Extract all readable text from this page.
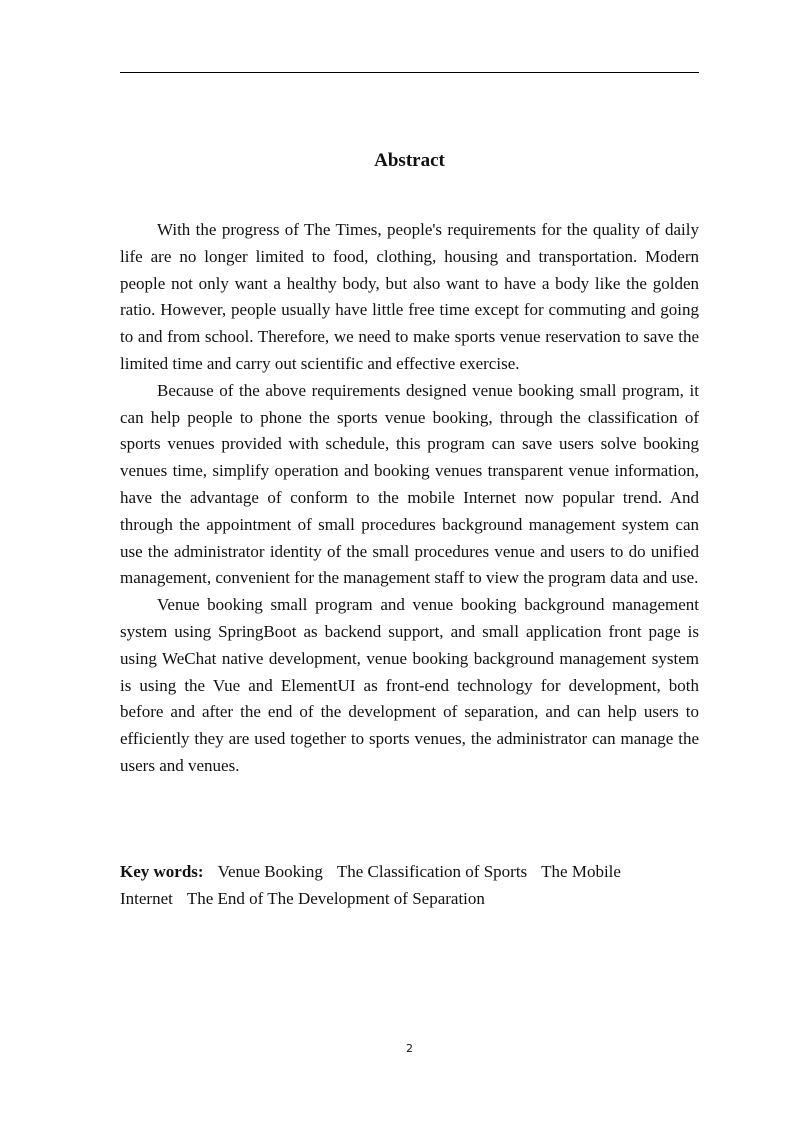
Abstract

With the progress of The Times, people's requirements for the quality of daily life are no longer limited to food, clothing, housing and transportation. Modern people not only want a healthy body, but also want to have a body like the golden ratio. However, people usually have little free time except for commuting and going to and from school. Therefore, we need to make sports venue reservation to save the limited time and carry out scientific and effective exercise.

Because of the above requirements designed venue booking small program, it can help people to phone the sports venue booking, through the classification of sports venues provided with schedule, this program can save users solve booking venues time, simplify operation and booking venues transparent venue information, have the advantage of conform to the mobile Internet now popular trend. And through the appointment of small procedures background management system can use the administrator identity of the small procedures venue and users to do unified management, convenient for the management staff to view the program data and use.

Venue booking small program and venue booking background management system using SpringBoot as backend support, and small application front page is using WeChat native development, venue booking background management system is using the Vue and ElementUI as front-end technology for development, both before and after the end of the development of separation, and can help users to efficiently they are used together to sports venues, the administrator can manage the users and venues.

Key words: Venue Booking The Classification of Sports The Mobile Internet The End of The Development of Separation
2
